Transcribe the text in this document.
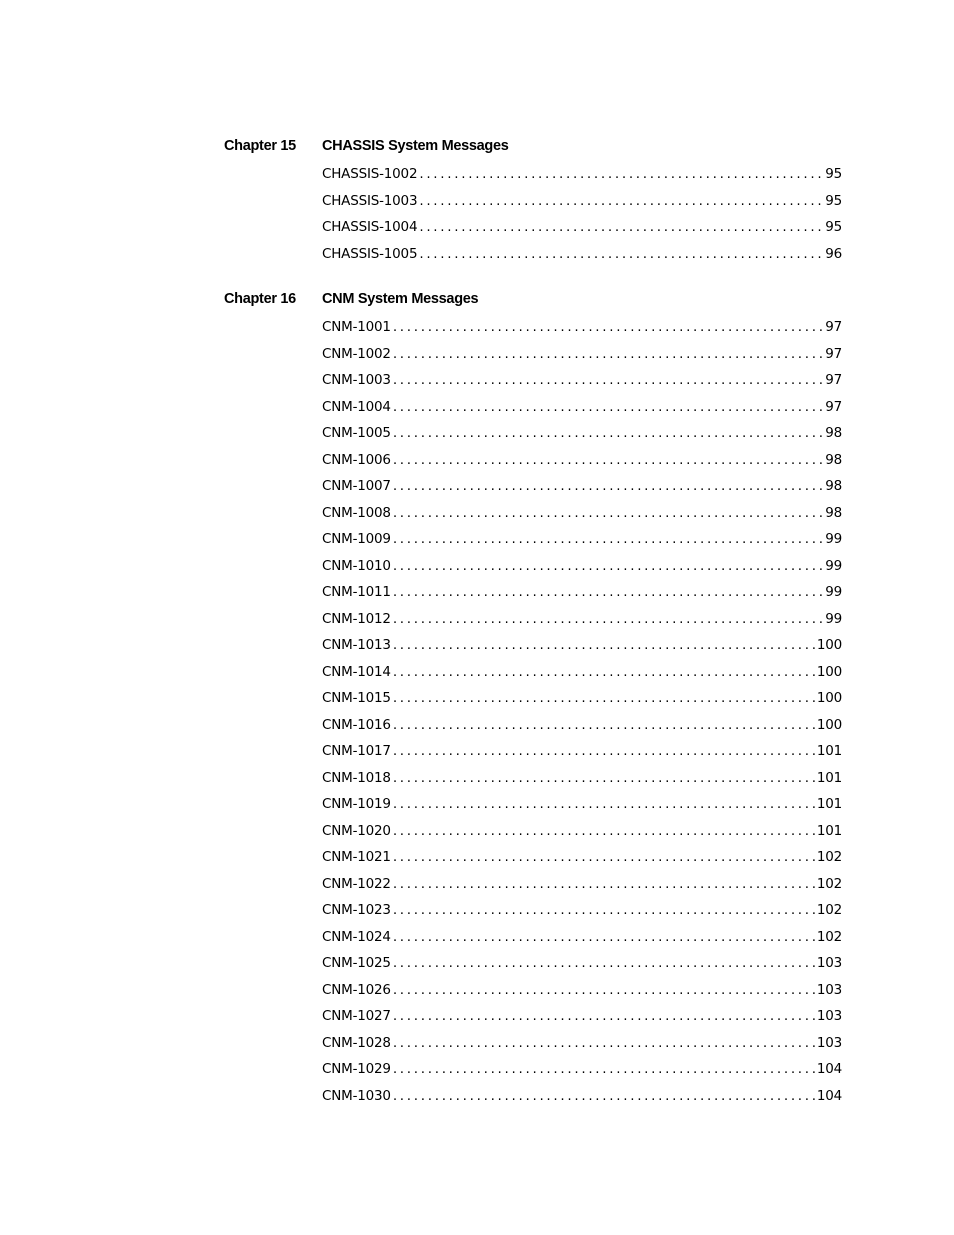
Chapter 15 CHASSIS System Messages
CHASSIS-1002 . . .	95
CHASSIS-1003 . . .	95
CHASSIS-1004 . . .	95
CHASSIS-1005 . . .	96
Chapter 16 CNM System Messages
CNM-1001 . . .	97
CNM-1002 . . .	97
CNM-1003 . . .	97
CNM-1004 . . .	97
CNM-1005 . . .	98
CNM-1006 . . .	98
CNM-1007 . . .	98
CNM-1008 . . .	98
CNM-1009 . . .	99
CNM-1010 . . .	99
CNM-1011 . . .	99
CNM-1012 . . .	99
CNM-1013 . . .	100
CNM-1014 . . .	100
CNM-1015 . . .	100
CNM-1016 . . .	100
CNM-1017 . . .	101
CNM-1018 . . .	101
CNM-1019 . . .	101
CNM-1020 . . .	101
CNM-1021 . . .	102
CNM-1022 . . .	102
CNM-1023 . . .	102
CNM-1024 . . .	102
CNM-1025 . . .	103
CNM-1026 . . .	103
CNM-1027 . . .	103
CNM-1028 . . .	103
CNM-1029 . . .	104
CNM-1030 . . .	104
